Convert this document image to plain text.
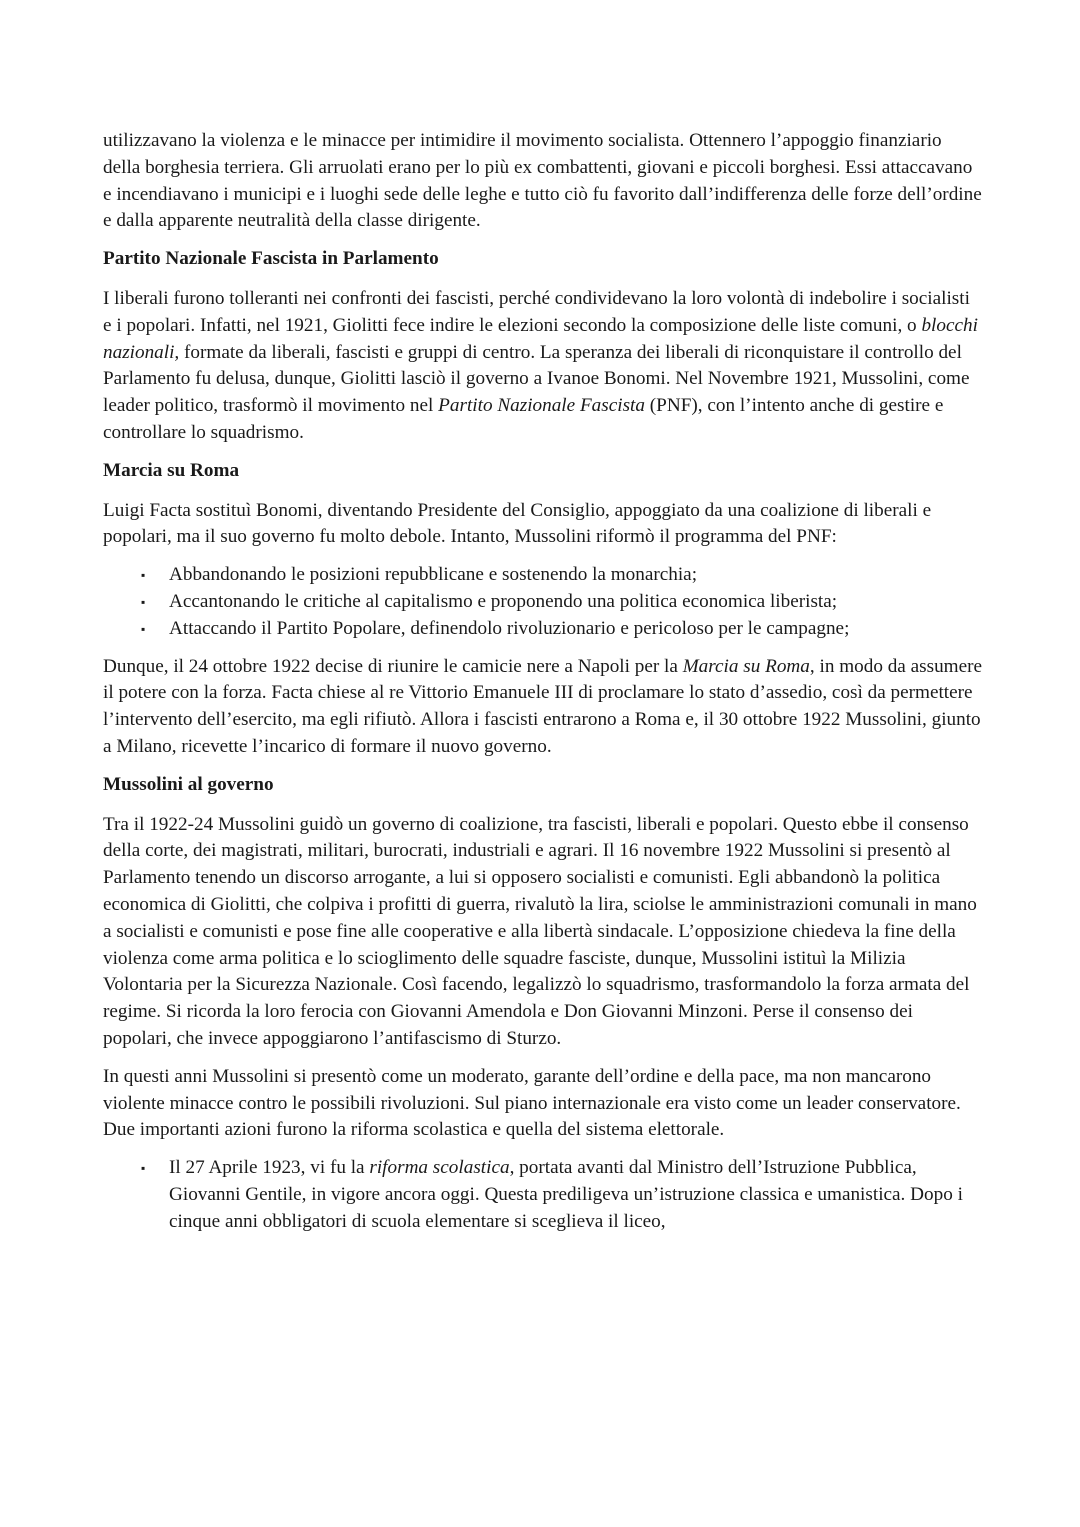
utilizzavano la violenza e le minacce per intimidire il movimento socialista. Ottennero l’appoggio finanziario della borghesia terriera. Gli arruolati erano per lo più ex combattenti, giovani e piccoli borghesi. Essi attaccavano e incendiavano i municipi e i luoghi sede delle leghe e tutto ciò fu favorito dall’indifferenza delle forze dell’ordine e dalla apparente neutralità della classe dirigente.

Partito Nazionale Fascista in Parlamento

I liberali furono tolleranti nei confronti dei fascisti, perché condividevano la loro volontà di indebolire i socialisti e i popolari. Infatti, nel 1921, Giolitti fece indire le elezioni secondo la composizione delle liste comuni, o blocchi nazionali, formate da liberali, fascisti e gruppi di centro. La speranza dei liberali di riconquistare il controllo del Parlamento fu delusa, dunque, Giolitti lasciò il governo a Ivanoe Bonomi. Nel Novembre 1921, Mussolini, come leader politico, trasformò il movimento nel Partito Nazionale Fascista (PNF), con l’intento anche di gestire e controllare lo squadrismo.

Marcia su Roma

Luigi Facta sostituì Bonomi, diventando Presidente del Consiglio, appoggiato da una coalizione di liberali e popolari, ma il suo governo fu molto debole. Intanto, Mussolini riformò il programma del PNF:

▪ Abbandonando le posizioni repubblicane e sostenendo la monarchia;
▪ Accantonando le critiche al capitalismo e proponendo una politica economica liberista;
▪ Attaccando il Partito Popolare, definendolo rivoluzionario e pericoloso per le campagne;

Dunque, il 24 ottobre 1922 decise di riunire le camicie nere a Napoli per la Marcia su Roma, in modo da assumere il potere con la forza. Facta chiese al re Vittorio Emanuele III di proclamare lo stato d’assedio, così da permettere l’intervento dell’esercito, ma egli rifiutò. Allora i fascisti entrarono a Roma e, il 30 ottobre 1922 Mussolini, giunto a Milano, ricevette l’incarico di formare il nuovo governo.

Mussolini al governo

Tra il 1922-24 Mussolini guidò un governo di coalizione, tra fascisti, liberali e popolari. Questo ebbe il consenso della corte, dei magistrati, militari, burocrati, industriali e agrari. Il 16 novembre 1922 Mussolini si presentò al Parlamento tenendo un discorso arrogante, a lui si opposero socialisti e comunisti. Egli abbandonò la politica economica di Giolitti, che colpiva i profitti di guerra, rivalutò la lira, sciolse le amministrazioni comunali in mano a socialisti e comunisti e pose fine alle cooperative e alla libertà sindacale. L’opposizione chiedeva la fine della violenza come arma politica e lo scioglimento delle squadre fasciste, dunque, Mussolini istituì la Milizia Volontaria per la Sicurezza Nazionale. Così facendo, legalizzò lo squadrismo, trasformandolo la forza armata del regime. Si ricorda la loro ferocia con Giovanni Amendola e Don Giovanni Minzoni. Perse il consenso dei popolari, che invece appoggiarono l’antifascismo di Sturzo.

In questi anni Mussolini si presentò come un moderato, garante dell’ordine e della pace, ma non mancarono violente minacce contro le possibili rivoluzioni. Sul piano internazionale era visto come un leader conservatore. Due importanti azioni furono la riforma scolastica e quella del sistema elettorale.

▪ Il 27 Aprile 1923, vi fu la riforma scolastica, portata avanti dal Ministro dell’Istruzione Pubblica, Giovanni Gentile, in vigore ancora oggi. Questa prediligeva un’istruzione classica e umanistica. Dopo i cinque anni obbligatori di scuola elementare si sceglieva il liceo,
